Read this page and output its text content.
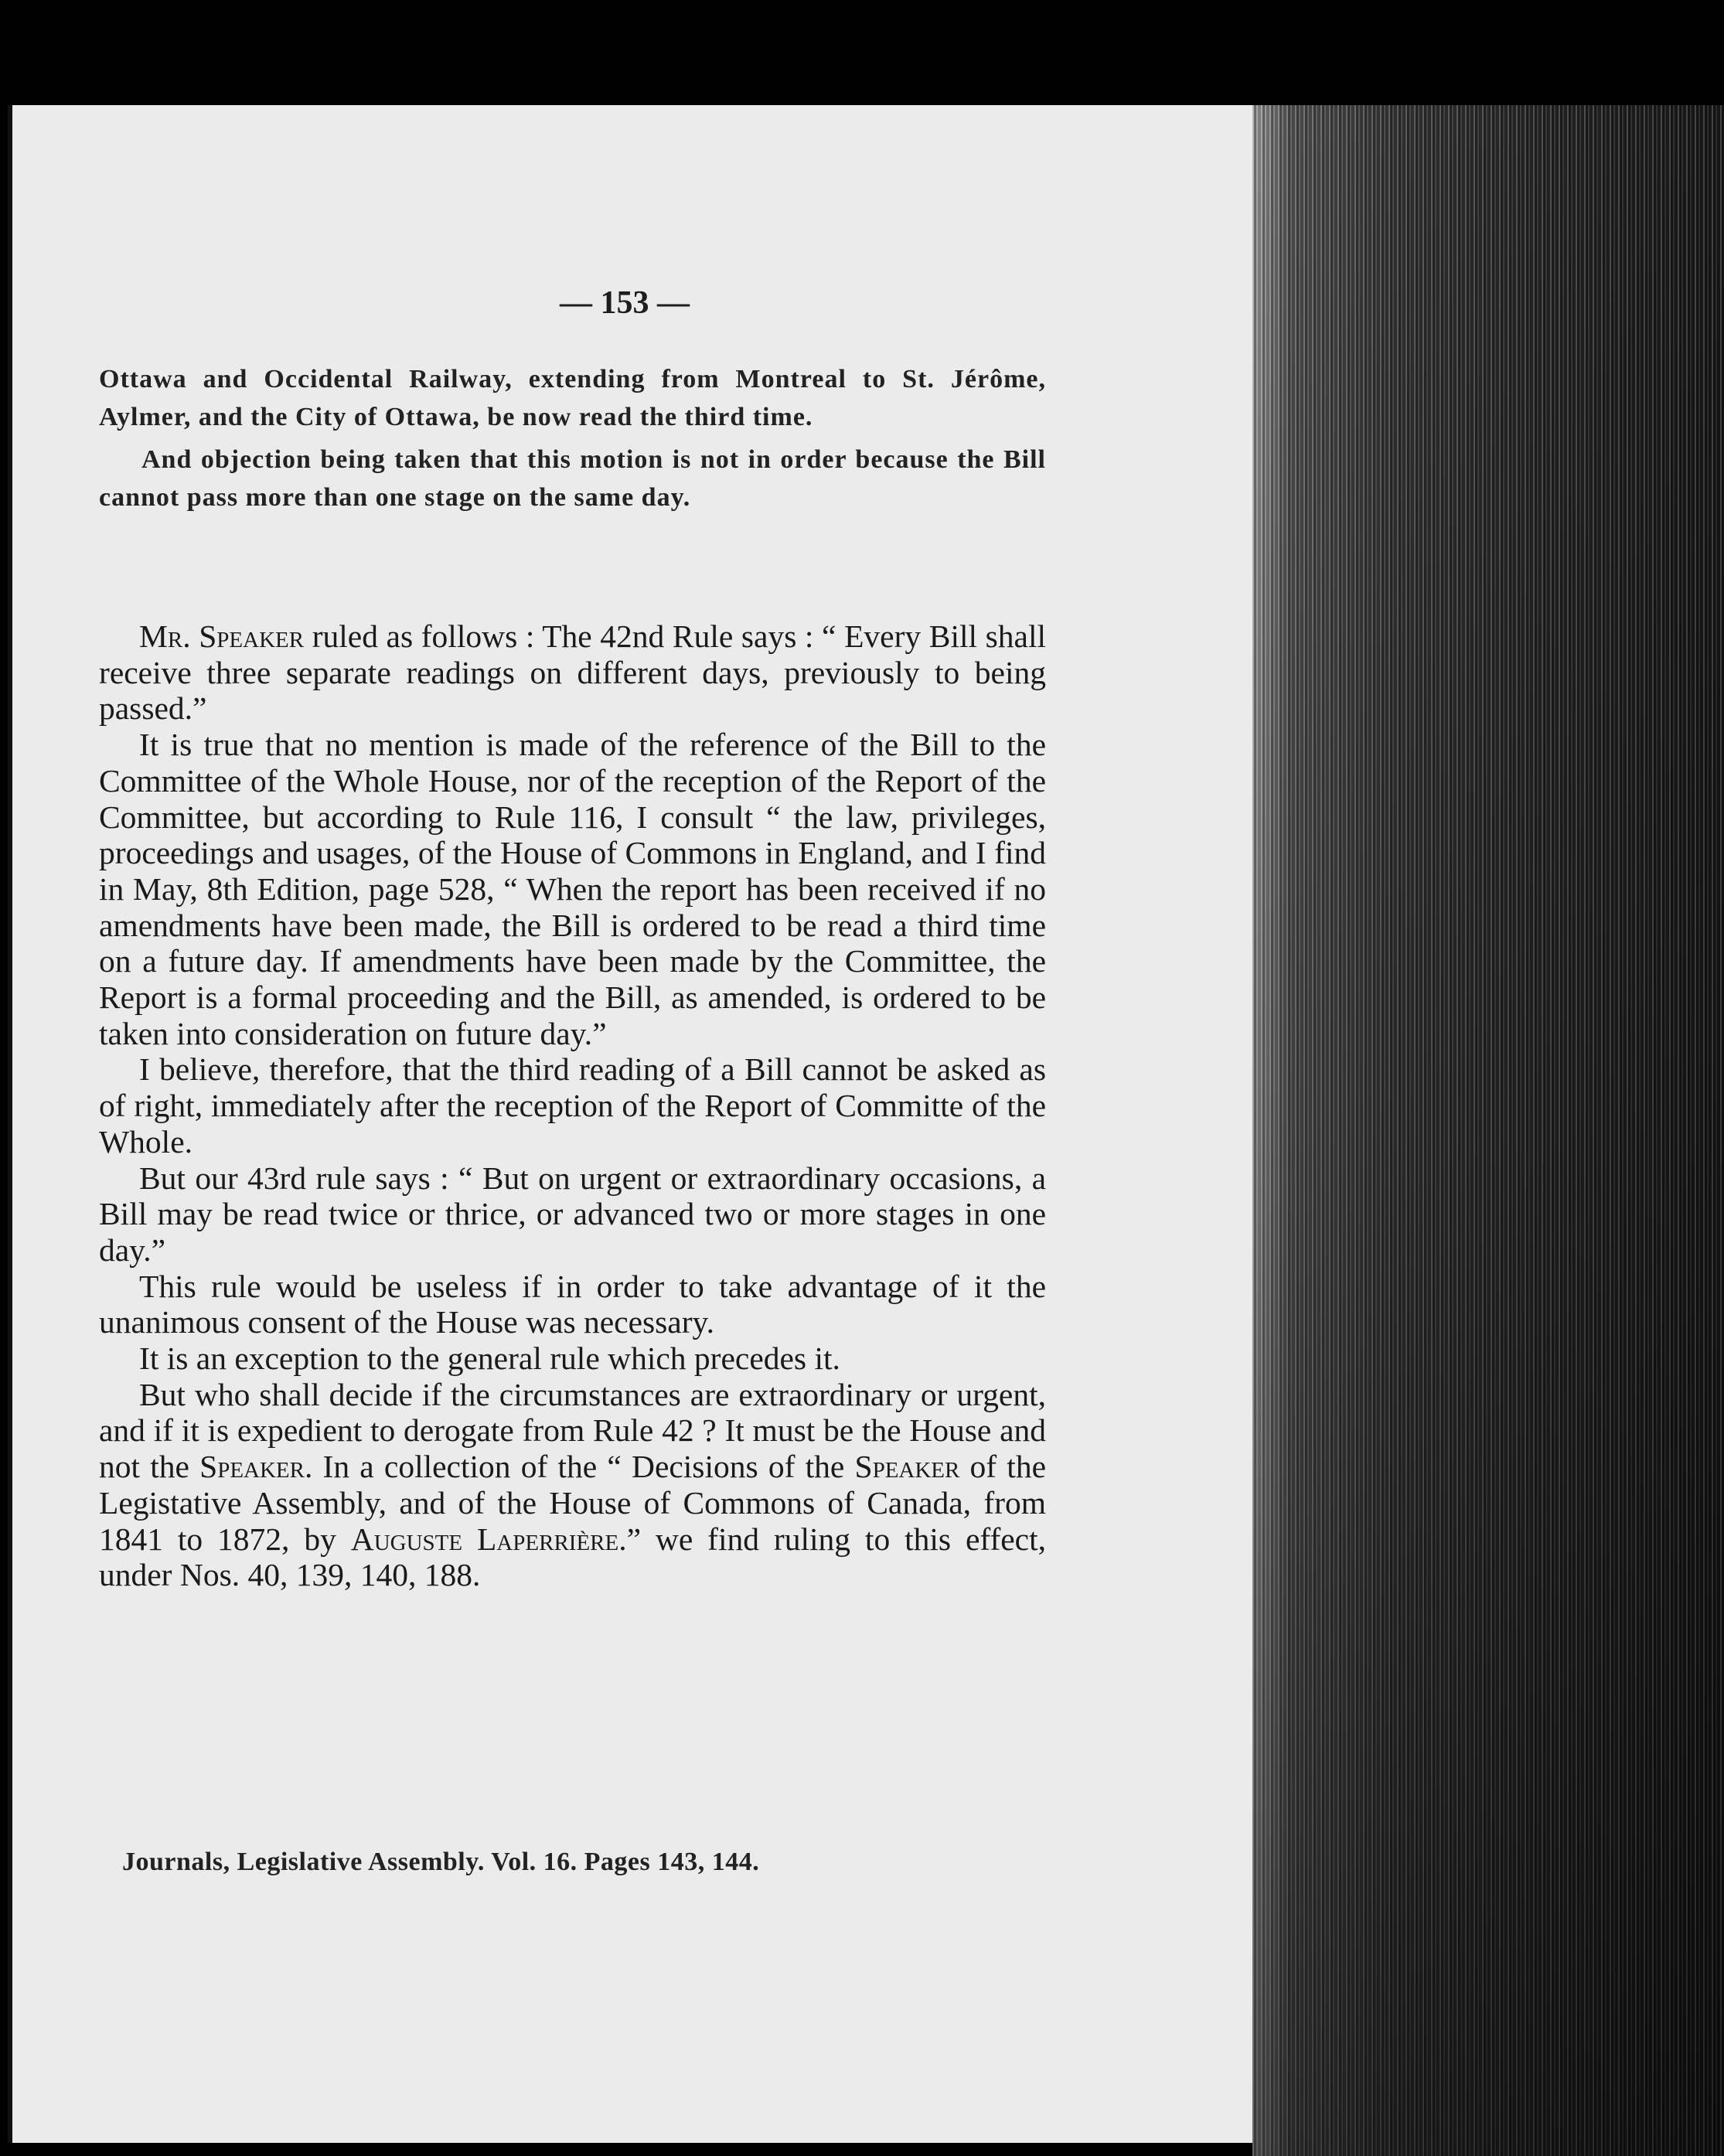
— 153 —

Ottawa and Occidental Railway, extending from Montreal to St. Jérôme, Aylmer, and the City of Ottawa, be now read the third time.

And objection being taken that this motion is not in order because the Bill cannot pass more than one stage on the same day.

Mr. Speaker ruled as follows : The 42nd Rule says : “ Every Bill shall receive three separate readings on different days, previously to being passed.”

It is true that no mention is made of the reference of the Bill to the Committee of the Whole House, nor of the reception of the Report of the Committee, but according to Rule 116, I consult “ the law, privileges, proceedings and usages, of the House of Commons in England, and I find in May, 8th Edition, page 528, “ When the report has been received if no amendments have been made, the Bill is ordered to be read a third time on a future day. If amendments have been made by the Committee, the Report is a formal proceeding and the Bill, as amended, is ordered to be taken into consideration on future day.”

I believe, therefore, that the third reading of a Bill cannot be asked as of right, immediately after the reception of the Report of Committe of the Whole.

But our 43rd rule says : “ But on urgent or extraordinary occasions, a Bill may be read twice or thrice, or advanced two or more stages in one day.”

This rule would be useless if in order to take advantage of it the unanimous consent of the House was necessary.

It is an exception to the general rule which precedes it.

But who shall decide if the circumstances are extraordinary or urgent, and if it is expedient to derogate from Rule 42 ? It must be the House and not the Speaker. In a collection of the “ Decisions of the Speaker of the Legistative Assembly, and of the House of Commons of Canada, from 1841 to 1872, by Auguste Laperrière.” we find ruling to this effect, under Nos. 40, 139, 140, 188.

Journals, Legislative Assembly. Vol. 16. Pages 143, 144.
